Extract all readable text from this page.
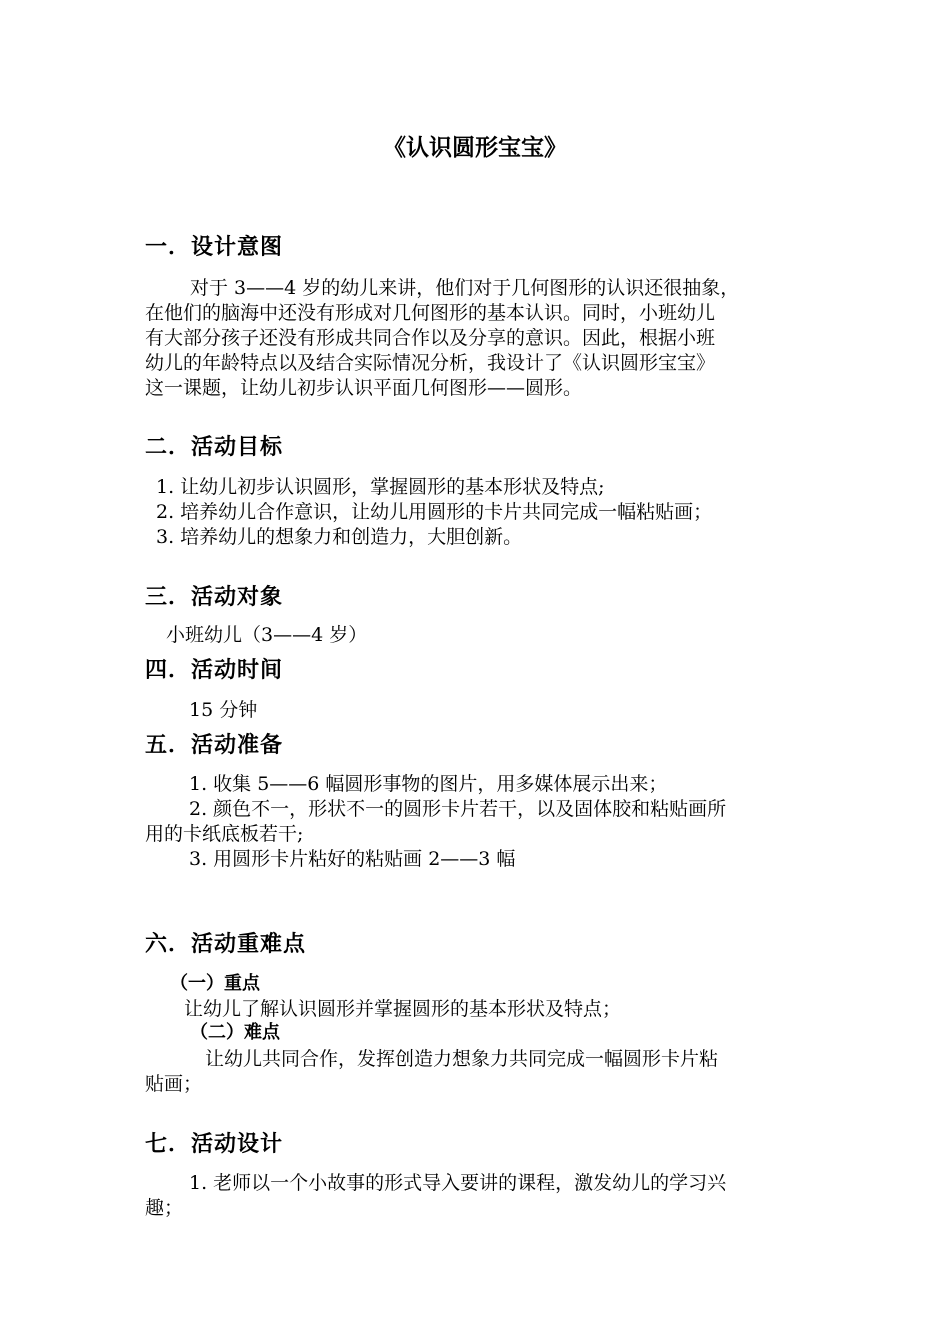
《认识圆形宝宝》
一．设计意图
对于 3——4 岁的幼儿来讲，他们对于几何图形的认识还很抽象，
在他们的脑海中还没有形成对几何图形的基本认识。同时，小班幼儿
有大部分孩子还没有形成共同合作以及分享的意识。因此，根据小班
幼儿的年龄特点以及结合实际情况分析，我设计了《认识圆形宝宝》
这一课题，让幼儿初步认识平面几何图形——圆形。
二．活动目标
1. 让幼儿初步认识圆形，掌握圆形的基本形状及特点;
2. 培养幼儿合作意识，让幼儿用圆形的卡片共同完成一幅粘贴画；
3. 培养幼儿的想象力和创造力，大胆创新。
三．活动对象
小班幼儿（3——4 岁）
四．活动时间
15 分钟
五．活动准备
1. 收集 5——6 幅圆形事物的图片，用多媒体展示出来；
2. 颜色不一，形状不一的圆形卡片若干，以及固体胶和粘贴画所
用的卡纸底板若干;
3. 用圆形卡片粘好的粘贴画 2——3 幅
六．活动重难点
（一）重点
让幼儿了解认识圆形并掌握圆形的基本形状及特点；
（二）难点
让幼儿共同合作，发挥创造力想象力共同完成一幅圆形卡片粘
贴画；
七．活动设计
1. 老师以一个小故事的形式导入要讲的课程，激发幼儿的学习兴
趣；
